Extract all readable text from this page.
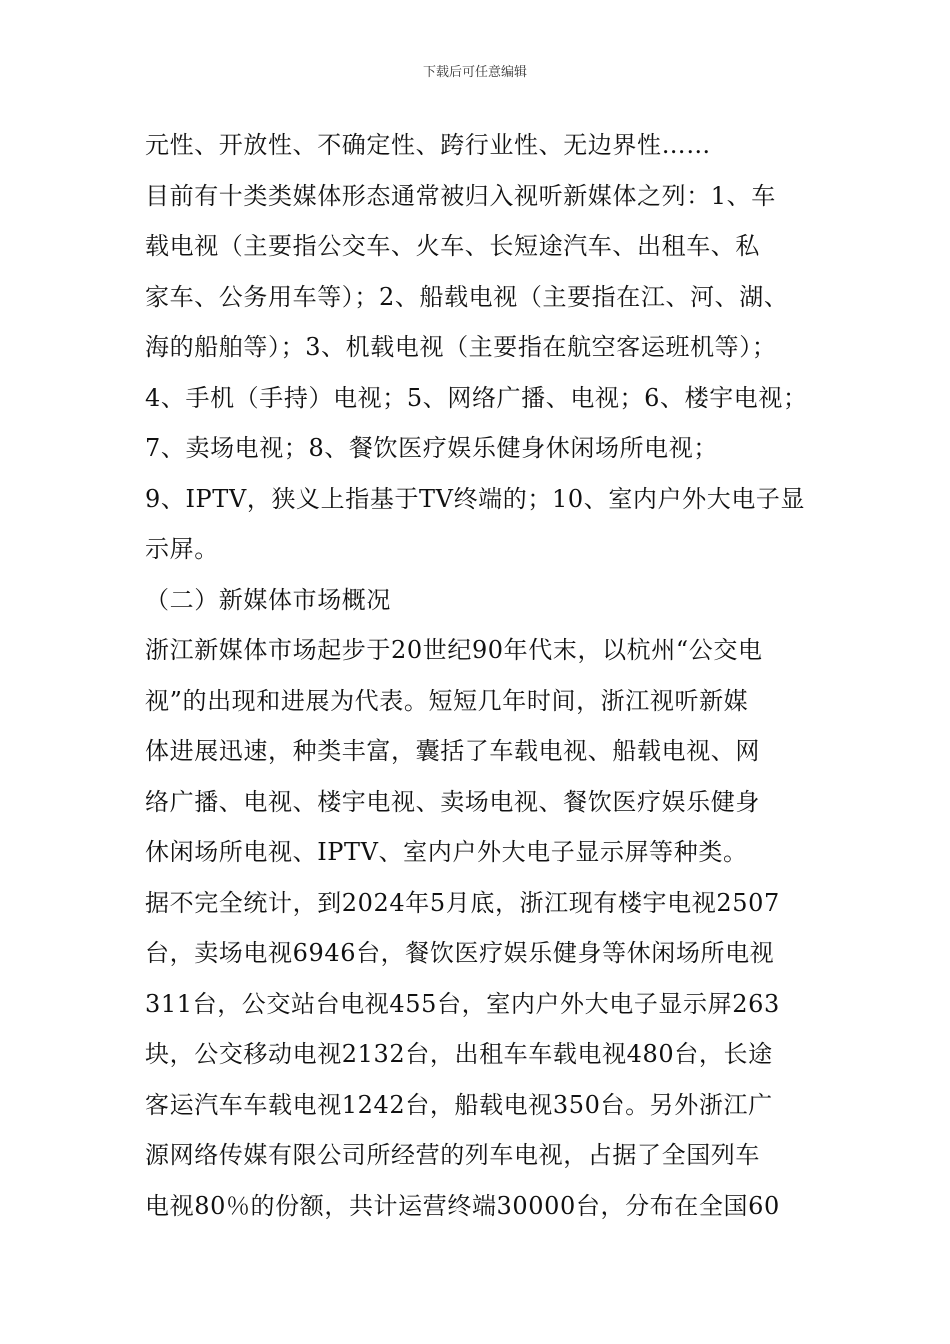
下载后可任意编辑
元性、开放性、不确定性、跨行业性、无边界性……
目前有十类类媒体形态通常被归入视听新媒体之列：1、车
载电视（主要指公交车、火车、长短途汽车、出租车、私
家车、公务用车等）；2、船载电视（主要指在江、河、湖、
海的船舶等）；3、机载电视（主要指在航空客运班机等）；
4、手机（手持）电视；5、网络广播、电视；6、楼宇电视；
7、卖场电视；8、餐饮医疗娱乐健身休闲场所电视；
9、IPTV，狭义上指基于TV终端的；10、室内户外大电子显
示屏。
（二）新媒体市场概况
浙江新媒体市场起步于20世纪90年代末，以杭州“公交电
视”的出现和进展为代表。短短几年时间，浙江视听新媒
体进展迅速，种类丰富，囊括了车载电视、船载电视、网
络广播、电视、楼宇电视、卖场电视、餐饮医疗娱乐健身
休闲场所电视、IPTV、室内户外大电子显示屏等种类。
据不完全统计，到2024年5月底，浙江现有楼宇电视2507
台，卖场电视6946台，餐饮医疗娱乐健身等休闲场所电视
311台，公交站台电视455台，室内户外大电子显示屏263
块，公交移动电视2132台，出租车车载电视480台，长途
客运汽车车载电视1242台，船载电视350台。另外浙江广
源网络传媒有限公司所经营的列车电视，占据了全国列车
电视80％的份额，共计运营终端30000台，分布在全国60
